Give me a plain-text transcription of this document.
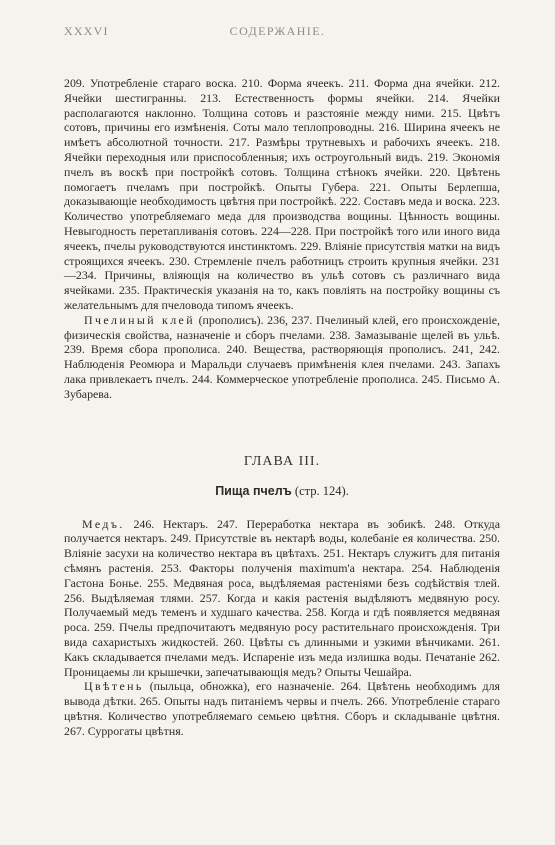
XXXVI	СОДЕРЖАНІЕ.

209. Употребленіе стараго воска. 210. Форма ячеекъ. 211. Форма дна ячейки. 212. Ячейки шестигранны. 213. Естественность формы ячейки. 214. Ячейки располагаются наклонно. Толщина сотовъ и разстояніе между ними. 215. Цвѣтъ сотовъ, причины его измѣненія. Соты мало теплопроводны. 216. Ширина ячеекъ не имѣетъ абсолютной точности. 217. Размѣры трутневыхъ и рабочихъ ячеекъ. 218. Ячейки переходныя или приспособленныя; ихъ остроугольный видъ. 219. Экономія пчелъ въ воскѣ при постройкѣ сотовъ. Толщина стѣнокъ ячейки. 220. Цвѣтень помогаетъ пчеламъ при постройкѣ. Опыты Губера. 221. Опыты Берлепша, доказывающіе необходимость цвѣтня при постройкѣ. 222. Составъ меда и воска. 223. Количество употребляемаго меда для производства вощины. Цѣнность вощины. Невыгодность перетапливанія сотовъ. 224—228. При постройкѣ того или иного вида ячеекъ, пчелы руководствуются инстинктомъ. 229. Вліяніе присутствія матки на видъ строящихся ячеекъ. 230. Стремленіе пчелъ работницъ строить крупныя ячейки. 231—234. Причины, вліяющія на количество въ ульѣ сотовъ съ различнаго вида ячейками. 235. Практическія указанія на то, какъ повліять на постройку вощины съ желательнымъ для пчеловода типомъ ячеекъ.

Пчелиный клей (прополисъ). 236, 237. Пчелиный клей, его происхожденіе, физическія свойства, назначеніе и сборъ пчелами. 238. Замазываніе щелей въ ульѣ. 239. Время сбора прополиса. 240. Вещества, растворяющія прополисъ. 241, 242. Наблюденія Реомюра и Маральди случаевъ примѣненія клея пчелами. 243. Запахъ лака привлекаетъ пчелъ. 244. Коммерческое употребленіе прополиса. 245. Письмо А. Зубарева.

ГЛАВА III.
Пища пчелъ (стр. 124).

Медъ. 246. Нектаръ. 247. Переработка нектара въ зобикѣ. 248. Откуда получается нектаръ. 249. Присутствіе въ нектарѣ воды, колебаніе ея количества. 250. Вліяніе засухи на количество нектара въ цвѣтахъ. 251. Нектаръ служитъ для питанія сѣмянъ растенія. 253. Факторы полученія maximum'а нектара. 254. Наблюденія Гастона Бонье. 255. Медвяная роса, выдѣляемая растеніями безъ содѣйствія тлей. 256. Выдѣляемая тлями. 257. Когда и какія растенія выдѣляютъ медвяную росу. Получаемый медъ теменъ и худшаго качества. 258. Когда и гдѣ появляется медвяная роса. 259. Пчелы предпочитаютъ медвяную росу растительнаго происхожденія. Три вида сахаристыхъ жидкостей. 260. Цвѣты съ длинными и узкими вѣнчиками. 261. Какъ складывается пчелами медъ. Испареніе изъ меда излишка воды. Печатаніе 262. Проницаемы ли крышечки, запечатывающія медъ? Опыты Чешайра.

Цвѣтень (пыльца, обножка), его назначеніе. 264. Цвѣтень необходимъ для вывода дѣтки. 265. Опыты надъ питаніемъ червы и пчелъ. 266. Употребленіе стараго цвѣтня. Количество употребляемаго семьею цвѣтня. Сборъ и складываніе цвѣтня. 267. Суррогаты цвѣтня.
